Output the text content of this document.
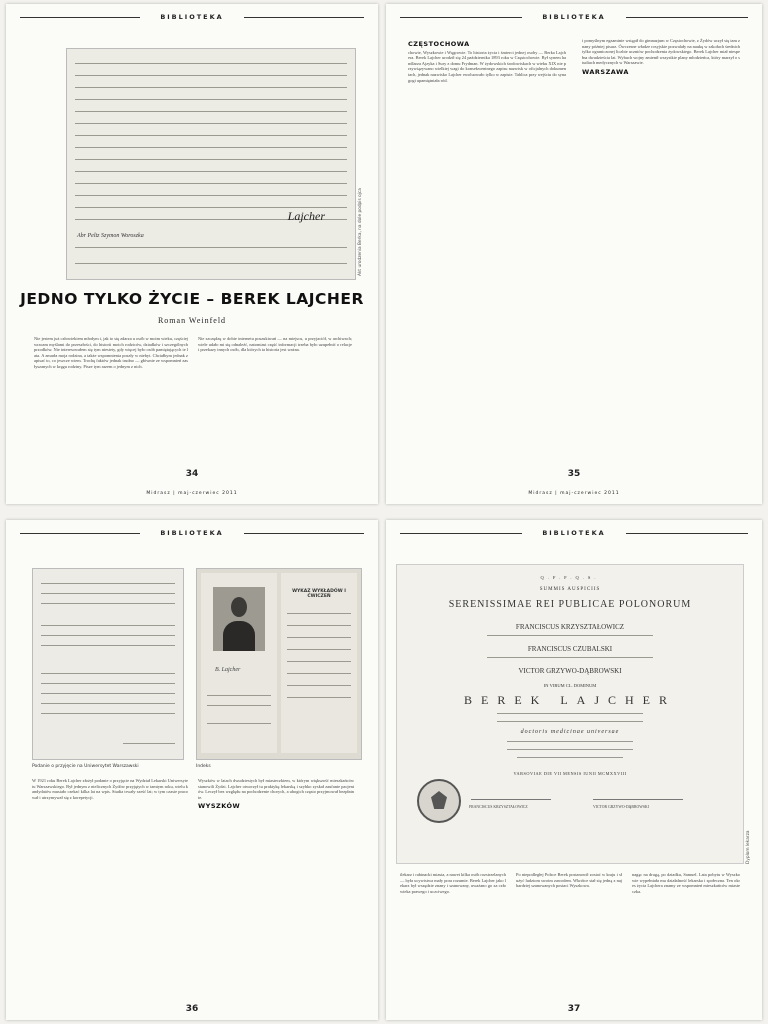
BIBLIOTEKA
Abr Peltz Szymon Woroszka
Lajcher	Akt urodzenia Berka, na dole podpis ojca
JEDNO TYLKO ŻYCIE – BEREK LAJCHER
Roman Weinfeld
Nie jestem już człowiekiem młodym i, jak to się zdarza u osób w moim wieku, częściej wracam myślami do przeszłości, do historii moich rodziców, dziadków i szczególnych przodków. Nie interesowałem się tym niestety, gdy więcej było osób pamiętających te lata. A zmarła moja rodzina, a także wspomnienia poszły w niebyt. Chciałbym jednak zapisać to, co jeszcze wiem. Trochę faktów jednak trudno — głównie ze wspomnień zasłyszanych w kręgu rodziny. Pisze tym razem o jednym z nich.
Nie szczędzę w dobie internetu poszukiwań — na miejscu, u przyjaciół, w archiwach; wiele udało mi się odnaleźć, natomiast część informacji trzeba było uzupełnić o relacje i przekazy innych osób, dla których ta historia jest ważna.
34
Midrasz | maj-czerwiec 2011
BIBLIOTEKA
CZĘSTOCHOWA
chowie, Wyszkowie i Węgrowie. To historia życia i śmierci jednej osoby — Berka Lajchera. Berek Lajcher urodził się 24 października 1893 roku w Częstochowie. Był synem handlarza Ajzyka i Sury z domu Frydman. W żydowskich środowiskach w wieku XIX nie przywiązywano wielkiej wagi do konsekwentnego zapisu nazwisk w oficjalnych dokumentach, jednak nazwisko Lajcher ewoluowało tylko w zapisie. Tablica przy wejściu do synagogi upamiętniała ród.
i pomyślnym egzaminie wstąpił do gimnazjum w Częstochowie, z Żydów uczył się tam znany później pisarz. Ówczesne władze rosyjskie pozwalały na naukę w szkołach średnich tylko ograniczonej liczbie uczniów pochodzenia żydowskiego. Berek Lajcher miał niespełna dwadzieścia lat. Wybuch wojny zmienił wszystkie plany młodzieńca, który marzył o studiach medycznych w Warszawie.
WARSZAWA
35
Midrasz | maj-czerwiec 2011
BIBLIOTEKA
Podanie o przyjęcie na Uniwersytet Warszawski
B. Lajcher
WYKAZ WYKŁADÓW I ĆWICZEŃ
Indeks
W 1921 roku Berek Lajcher złożył podanie o przyjęcie na Wydział Lekarski Uniwersytetu Warszawskiego. Był jednym z nielicznych Żydów przyjętych w tamtym roku, wielu kandydatów musiało czekać kilka lat na wpis. Studia trwały sześć lat; w tym czasie pracował i utrzymywał się z korepetycji.
Wyszków w latach dwudziestych był miasteczkiem, w którym większość mieszkańców stanowili Żydzi. Lajcher otworzył tu praktykę lekarską i szybko zyskał zaufanie pacjentów. Leczył bez względu na pochodzenie chorych, a ubogich często przyjmował bezpłatnie.
WYSZKÓW
36
BIBLIOTEKA
Q.F.F.Q.S.
SUMMIS AUSPICIIS
SERENISSIMAE REI PUBLICAE POLONORUM
FRANCISCUS KRZYSZTAŁOWICZ
FRANCISCUS CZUBALSKI
VICTOR GRZYWO-DĄBROWSKI
IN VIRUM CL. DOMINUM
BEREK LAJCHER
doctoris medicinae universae
VARSOVIAE DIE VII MENSIS IUNII MCMXXVIII
FRANCISCUS KRZYSZTAŁOWICZ	VICTOR GRZYWO-DĄBROWSKI
Dyplom lekarza
ilekarz i rabinacki miasta, a nawet kilka osób rozstrzelanych — była ucywistwa mały pora rozumie. Berek Lajcher jako lekarz był wszędzie znany i szanowany, uważano go za człowieka prawego i uczciwego.
Po niepodległej Polsce Berek postanowił zostać w kraju i służyć ludziom swoim zawodem. Wkrótce stał się jedną z najbardziej szanowanych postaci Wyszkowa.
nagąc na drugą, po dziadku, Samuel. Lata pobytu w Wyszkowie wypełniała mu działalność lekarska i społeczna. Ten okres życia Lajchera znamy ze wspomnień mieszkańców miasteczka.
37
